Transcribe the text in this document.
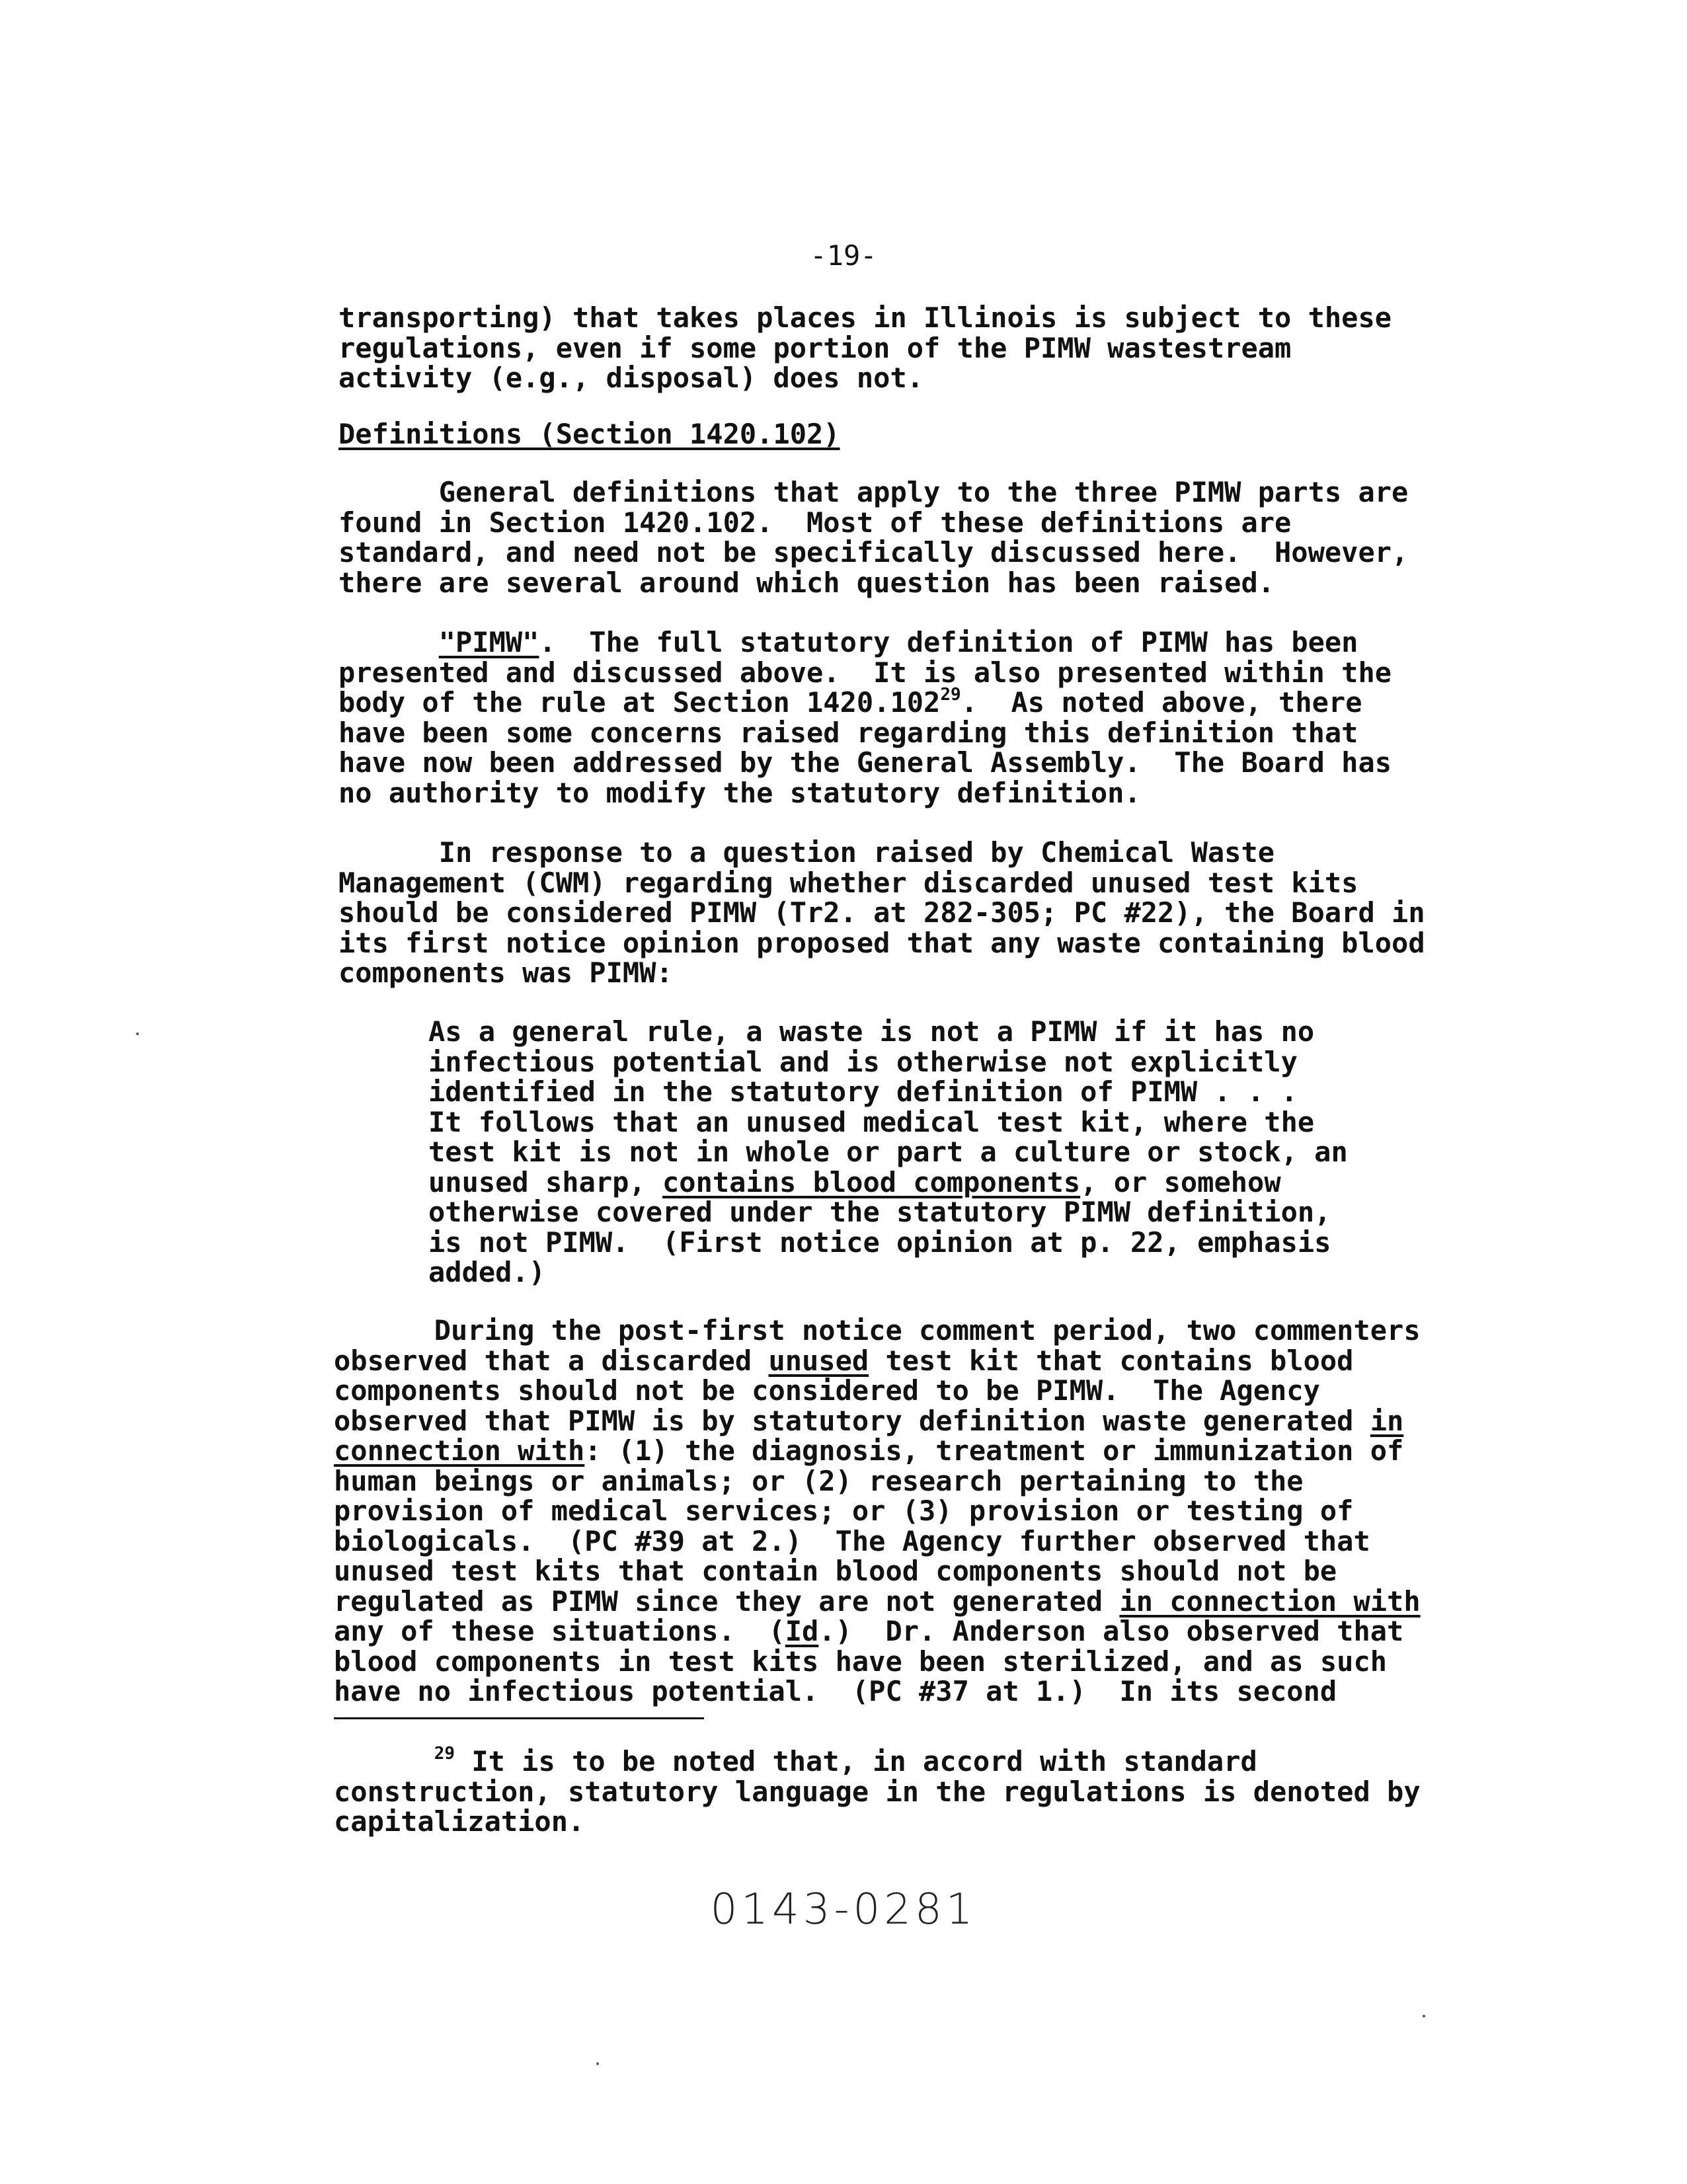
-19-
transporting) that takes places in Illinois is subject to these
regulations, even if some portion of the PIMW wastestream
activity (e.g., disposal) does not.
Definitions (Section 1420.102)
General definitions that apply to the three PIMW parts are
found in Section 1420.102.  Most of these definitions are
standard, and need not be specifically discussed here.  However,
there are several around which question has been raised.
"PIMW".  The full statutory definition of PIMW has been
presented and discussed above.  It is also presented within the
body of the rule at Section 1420.102$^{29}$.  As noted above, there
have been some concerns raised regarding this definition that
have now been addressed by the General Assembly.  The Board has
no authority to modify the statutory definition.
In response to a question raised by Chemical Waste
Management (CWM) regarding whether discarded unused test kits
should be considered PIMW (Tr2. at 282-305; PC #22), the Board in
its first notice opinion proposed that any waste containing blood
components was PIMW:
As a general rule, a waste is not a PIMW if it has no
infectious potential and is otherwise not explicitly
identified in the statutory definition of PIMW . . .
It follows that an unused medical test kit, where the
test kit is not in whole or part a culture or stock, an
unused sharp, contains blood components, or somehow
otherwise covered under the statutory PIMW definition,
is not PIMW.  (First notice opinion at p. 22, emphasis
added.)
During the post-first notice comment period, two commenters
observed that a discarded unused test kit that contains blood
components should not be considered to be PIMW.  The Agency
observed that PIMW is by statutory definition waste generated in
connection with: (1) the diagnosis, treatment or immunization of
human beings or animals; or (2) research pertaining to the
provision of medical services; or (3) provision or testing of
biologicals.  (PC #39 at 2.)  The Agency further observed that
unused test kits that contain blood components should not be
regulated as PIMW since they are not generated in connection with
any of these situations.  (Id.)  Dr. Anderson also observed that
blood components in test kits have been sterilized, and as such
have no infectious potential.  (PC #37 at 1.)  In its second
$^{29}$ It is to be noted that, in accord with standard
construction, statutory language in the regulations is denoted by
capitalization.
0143-0281
